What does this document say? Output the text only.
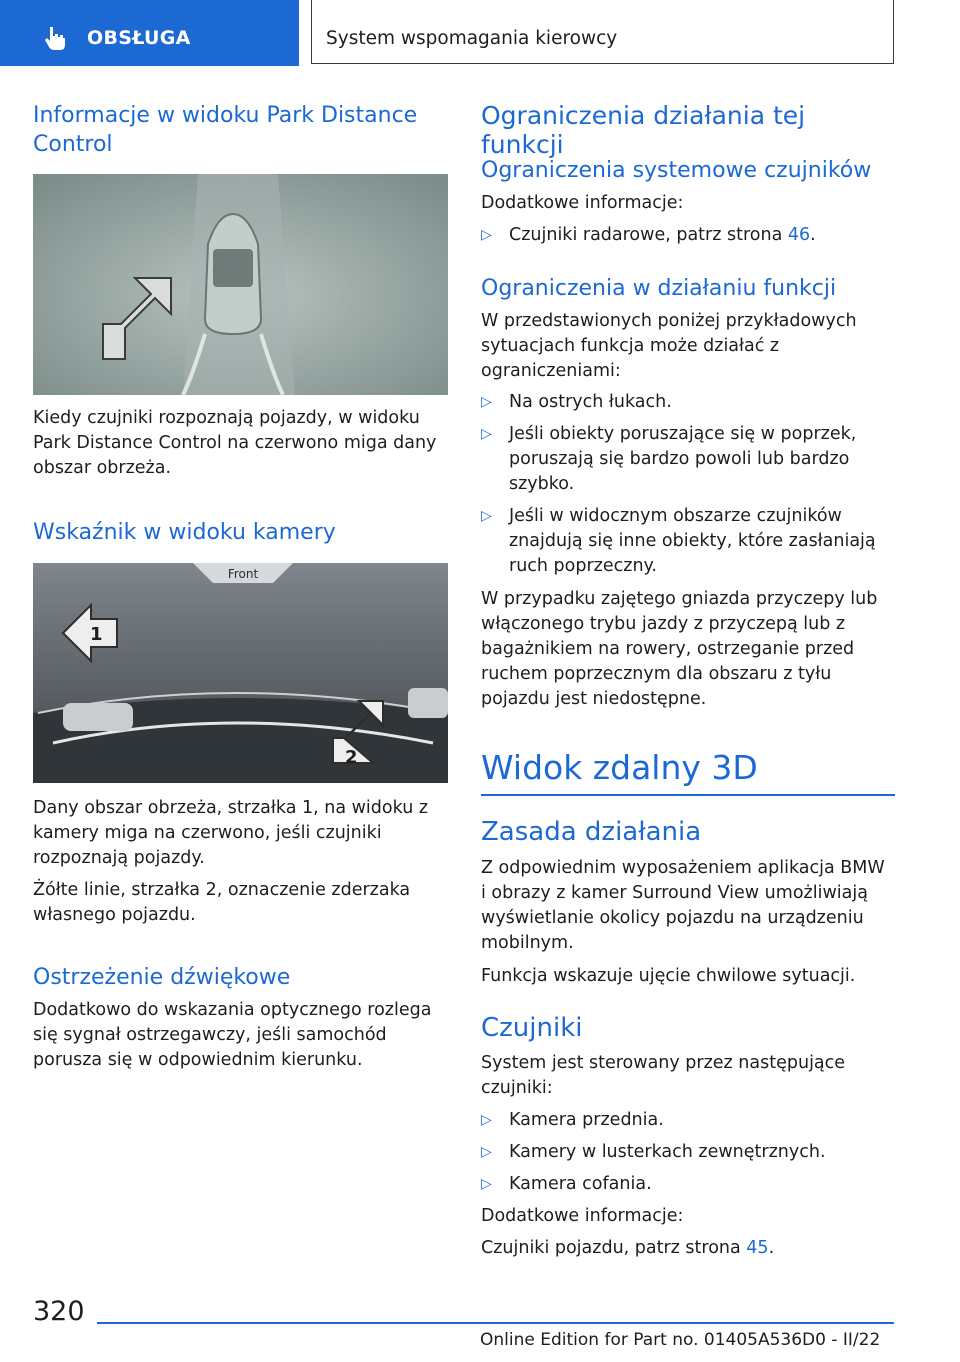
OBSŁUGA	System wspomagania kierowcy
Informacje w widoku Park Distance Control

Kiedy czujniki rozpoznają pojazdy, w widoku Park Distance Control na czerwono miga dany obszar obrzeża.

Wskaźnik w widoku kamery
Front
1
2

Dany obszar obrzeża, strzałka 1, na widoku z kamery miga na czerwono, jeśli czujniki rozpoznają pojazdy.

Żółte linie, strzałka 2, oznaczenie zderzaka własnego pojazdu.

Ostrzeżenie dźwiękowe

Dodatkowo do wskazania optycznego rozlega się sygnał ostrzegawczy, jeśli samochód porusza się w odpowiednim kierunku.

Ograniczenia działania tej funkcji
Ograniczenia systemowe czujników

Dodatkowe informacje:

▷ Czujniki radarowe, patrz strona 46.
Ograniczenia w działaniu funkcji

W przedstawionych poniżej przykładowych sytuacjach funkcja może działać z ograniczeniami:

▷ Na ostrych łukach.
▷ Jeśli obiekty poruszające się w poprzek, poruszają się bardzo powoli lub bardzo szybko.
▷ Jeśli w widocznym obszarze czujników znajdują się inne obiekty, które zasłaniają ruch poprzeczny.

W przypadku zajętego gniazda przyczepy lub włączonego trybu jazdy z przyczepą lub z bagażnikiem na rowery, ostrzeganie przed ruchem poprzecznym dla obszaru z tyłu pojazdu jest niedostępne.

Widok zdalny 3D
Zasada działania

Z odpowiednim wyposażeniem aplikacja BMW i obrazy z kamer Surround View umożliwiają wyświetlanie okolicy pojazdu na urządzeniu mobilnym.

Funkcja wskazuje ujęcie chwilowe sytuacji.

Czujniki

System jest sterowany przez następujące czujniki:

▷ Kamera przednia.
▷ Kamery w lusterkach zewnętrznych.
▷ Kamera cofania.

Dodatkowe informacje:

Czujniki pojazdu, patrz strona 45.

320
Online Edition for Part no. 01405A536D0 - II/22
